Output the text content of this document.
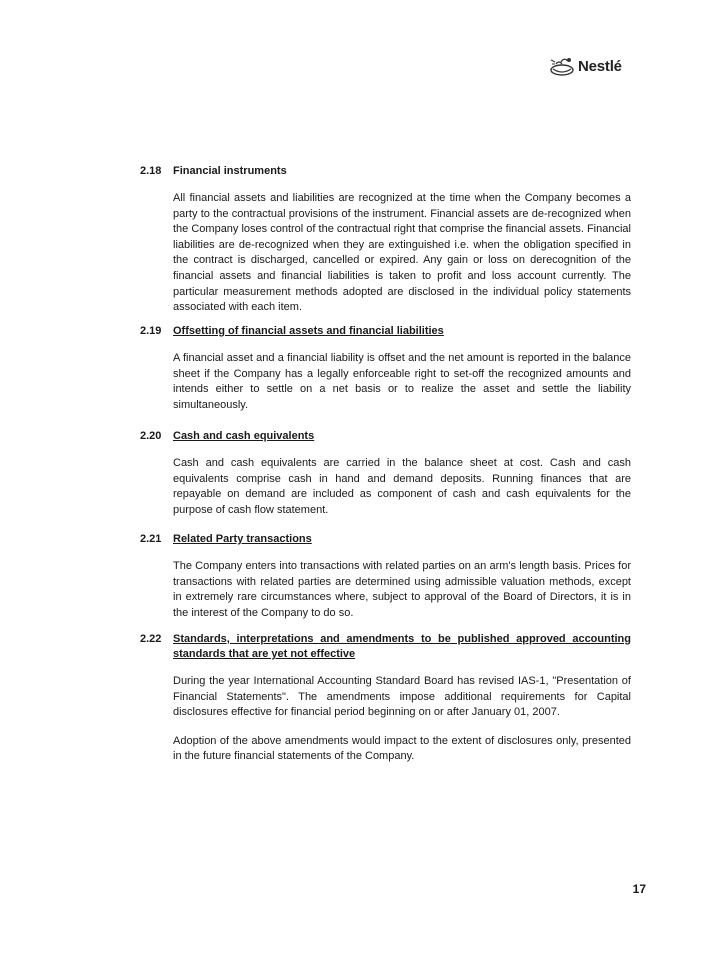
Nestlé
2.18	Financial instruments

All financial assets and liabilities are recognized at the time when the Company becomes a party to the contractual provisions of the instrument. Financial assets are de-recognized when the Company loses control of the contractual right that comprise the financial assets. Financial liabilities are de-recognized when they are extinguished i.e. when the obligation specified in the contract is discharged, cancelled or expired. Any gain or loss on derecognition of the financial assets and financial liabilities is taken to profit and loss account currently. The particular measurement methods adopted are disclosed in the individual policy statements associated with each item.

2.19	Offsetting of financial assets and financial liabilities

A financial asset and a financial liability is offset and the net amount is reported in the balance sheet if the Company has a legally enforceable right to set-off the recognized amounts and intends either to settle on a net basis or to realize the asset and settle the liability simultaneously.

2.20	Cash and cash equivalents

Cash and cash equivalents are carried in the balance sheet at cost. Cash and cash equivalents comprise cash in hand and demand deposits. Running finances that are repayable on demand are included as component of cash and cash equivalents for the purpose of cash flow statement.

2.21	Related Party transactions

The Company enters into transactions with related parties on an arm's length basis. Prices for transactions with related parties are determined using admissible valuation methods, except in extremely rare circumstances where, subject to approval of the Board of Directors, it is in the interest of the Company to do so.

2.22	Standards, interpretations and amendments to be published approved accounting standards that are yet not effective

During the year International Accounting Standard Board has revised IAS-1, "Presentation of Financial Statements". The amendments impose additional requirements for Capital disclosures effective for financial period beginning on or after January 01, 2007.

Adoption of the above amendments would impact to the extent of disclosures only, presented in the future financial statements of the Company.

17
